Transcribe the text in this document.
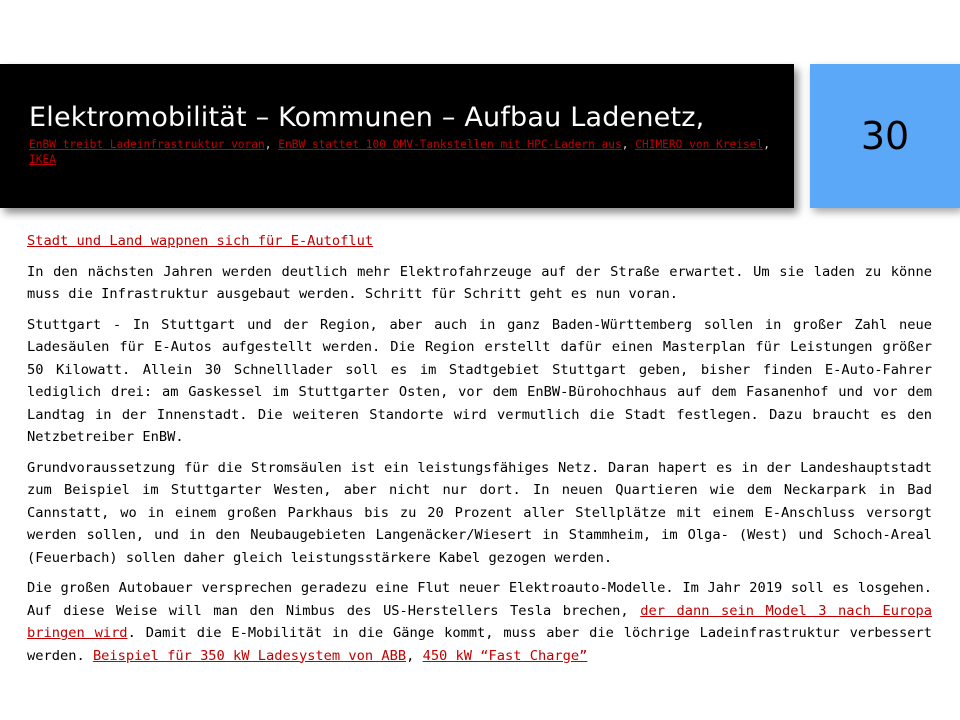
Elektromobilität – Kommunen – Aufbau Ladenetz,
EnBW treibt Ladeinfrastruktur voran, EnBW stattet 100 OMV-Tankstellen mit HPC-Ladern aus, CHIMERO von Kreisel, IKEA
30

Stadt und Land wappnen sich für E-Autoflut

In den nächsten Jahren werden deutlich mehr Elektrofahrzeuge auf der Straße erwartet. Um sie laden zu könne muss die Infrastruktur ausgebaut werden. Schritt für Schritt geht es nun voran.

Stuttgart - In Stuttgart und der Region, aber auch in ganz Baden-Württemberg sollen in großer Zahl neue Ladesäulen für E-Autos aufgestellt werden. Die Region erstellt dafür einen Masterplan für Leistungen größer 50 Kilowatt. Allein 30 Schnelllader soll es im Stadtgebiet Stuttgart geben, bisher finden E-Auto-Fahrer lediglich drei: am Gaskessel im Stuttgarter Osten, vor dem EnBW-Bürohochhaus auf dem Fasanenhof und vor dem Landtag in der Innenstadt. Die weiteren Standorte wird vermutlich die Stadt festlegen. Dazu braucht es den Netzbetreiber EnBW.

Grundvoraussetzung für die Stromsäulen ist ein leistungsfähiges Netz. Daran hapert es in der Landeshauptstadt zum Beispiel im Stuttgarter Westen, aber nicht nur dort. In neuen Quartieren wie dem Neckarpark in Bad Cannstatt, wo in einem großen Parkhaus bis zu 20 Prozent aller Stellplätze mit einem E-Anschluss versorgt werden sollen, und in den Neubaugebieten Langenäcker/Wiesert in Stammheim, im Olga- (West) und Schoch-Areal (Feuerbach) sollen daher gleich leistungsstärkere Kabel gezogen werden.

Die großen Autobauer versprechen geradezu eine Flut neuer Elektroauto-Modelle. Im Jahr 2019 soll es losgehen. Auf diese Weise will man den Nimbus des US-Herstellers Tesla brechen, der dann sein Model 3 nach Europa bringen wird. Damit die E-Mobilität in die Gänge kommt, muss aber die löchrige Ladeinfrastruktur verbessert werden. Beispiel für 350 kW Ladesystem von ABB, 450 kW “Fast Charge”
